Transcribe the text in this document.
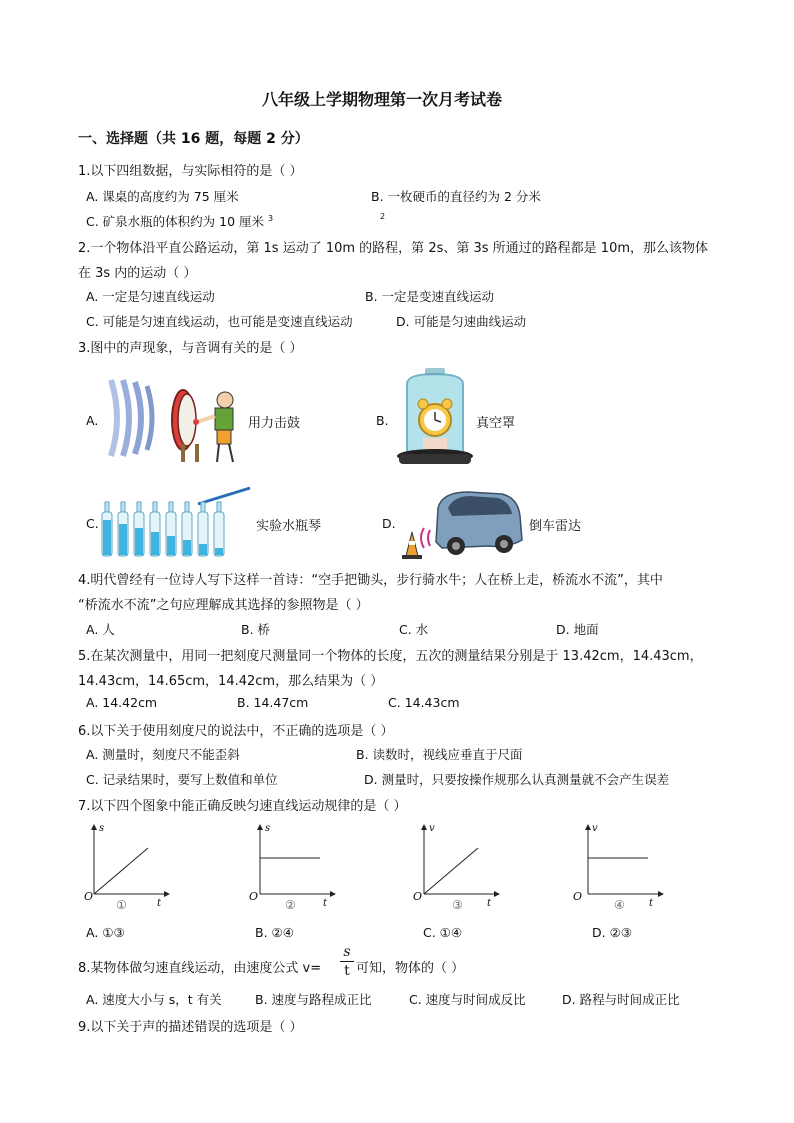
八年级上学期物理第一次月考试卷
一、选择题（共 16 题，每题 2 分）
1.以下四组数据，与实际相符的是（ ）
A. 课桌的高度约为 75 厘米	B. 一枚硬币的直径约为 2 分米
C. 矿泉水瓶的体积约为 10 厘米 $^3$	2
2.一个物体沿平直公路运动，第 1s 运动了 10m 的路程，第 2s、第 3s 所通过的路程都是 10m，那么该物体
在 3s 内的运动（ ）
A. 一定是匀速直线运动	B. 一定是变速直线运动
C. 可能是匀速直线运动，也可能是变速直线运动	D. 可能是匀速曲线运动
3.图中的声现象，与音调有关的是（ ）
A.	用力击鼓	B.	真空罩
C.	实验水瓶琴	D.	倒车雷达
4.明代曾经有一位诗人写下这样一首诗：“空手把锄头，步行骑水牛；人在桥上走，桥流水不流”，其中
“桥流水不流”之句应理解成其选择的参照物是（ ）
A. 人	B. 桥	C. 水	D. 地面
5.在某次测量中，用同一把刻度尺测量同一个物体的长度，五次的测量结果分别是于 13.42cm，14.43cm，
14.43cm，14.65cm，14.42cm，那么结果为（ ）
A. 14.42cm	B. 14.47cm	C. 14.43cm
6.以下关于使用刻度尺的说法中，不正确的选项是（ ）
A. 测量时，刻度尺不能歪斜	B. 读数时，视线应垂直于尺面
C. 记录结果时，要写上数值和单位	D. 测量时，只要按操作规那么认真测量就不会产生误差
7.以下四个图象中能正确反映匀速直线运动规律的是（ ）
s
O
①	t
s
O
②	t
v
O
③ t
v
O
④ t
A. ①③	B. ②④	C. ①④	D. ②③
8.某物体做匀速直线运动，由速度公式 v=
s
t 可知，物体的（ ）
A. 速度大小与 s，t 有关	B. 速度与路程成正比	C. 速度与时间成反比	D. 路程与时间成正比
9.以下关于声的描述错误的选项是（ ）
